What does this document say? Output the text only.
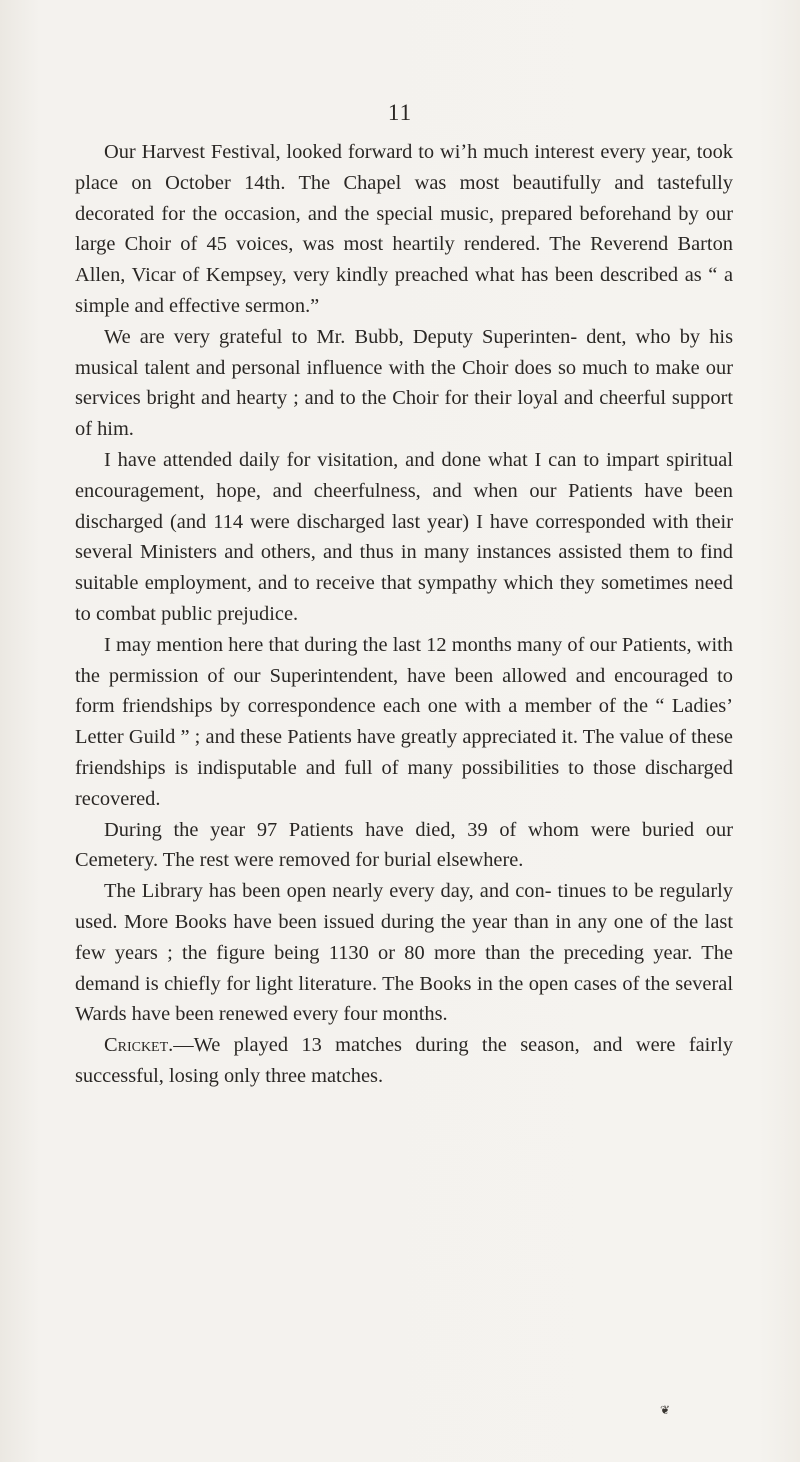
11

Our Harvest Festival, looked forward to wiʼh much interest every year, took place on October 14th. The Chapel was most beautifully and tastefully decorated for the occasion, and the special music, prepared beforehand by our large Choir of 45 voices, was most heartily rendered. The Reverend Barton Allen, Vicar of Kempsey, very kindly preached what has been described as “ a simple and effective sermon.”

We are very grateful to Mr. Bubb, Deputy Superinten- dent, who by his musical talent and personal influence with the Choir does so much to make our services bright and hearty ; and to the Choir for their loyal and cheerful support of him.

I have attended daily for visitation, and done what I can to impart spiritual encouragement, hope, and cheerfulness, and when our Patients have been discharged (and 114 were discharged last year) I have corresponded with their several Ministers and others, and thus in many instances assisted them to find suitable employment, and to receive that sympathy which they sometimes need to combat public prejudice.

I may mention here that during the last 12 months many of our Patients, with the permission of our Superintendent, have been allowed and encouraged to form friendships by correspondence each one with a member of the “ Ladies’ Letter Guild ” ; and these Patients have greatly appreciated it. The value of these friendships is indisputable and full of many possibilities to those discharged recovered.

During the year 97 Patients have died, 39 of whom were buried our Cemetery. The rest were removed for burial elsewhere.

The Library has been open nearly every day, and con- tinues to be regularly used. More Books have been issued during the year than in any one of the last few years ; the figure being 1130 or 80 more than the preceding year. The demand is chiefly for light literature. The Books in the open cases of the several Wards have been renewed every four months.

Cricket.—We played 13 matches during the season, and were fairly successful, losing only three matches.

❦
